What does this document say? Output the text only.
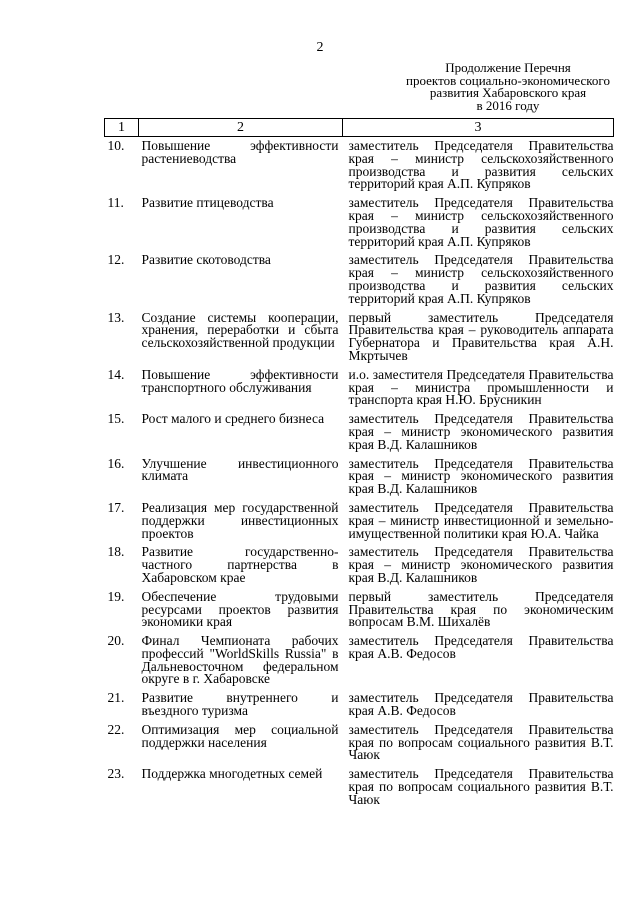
2
Продолжение Перечня
проектов социально-экономического
развития Хабаровского края
в 2016 году
1	2	3
10.	Повышение эффективности растениеводства	заместитель Председателя Правительства края – министр сельскохозяйственного производства и развития сельских территорий края А.П. Купряков
11.	Развитие птицеводства	заместитель Председателя Правительства края – министр сельскохозяйственного производства и развития сельских территорий края А.П. Купряков
12.	Развитие скотоводства	заместитель Председателя Правительства края – министр сельскохозяйственного производства и развития сельских территорий края А.П. Купряков
13.	Создание системы кооперации, хранения, переработки и сбыта сельскохозяйственной продукции	первый заместитель Председателя Правительства края – руководитель аппарата Губернатора и Правительства края А.Н. Мкртычев
14.	Повышение эффективности транспортного обслуживания	и.о. заместителя Председателя Правительства края – министра промышленности и транспорта края Н.Ю. Брусникин
15.	Рост малого и среднего бизнеса	заместитель Председателя Правительства края – министр экономического развития края В.Д. Калашников
16.	Улучшение инвестиционного климата	заместитель Председателя Правительства края – министр экономического развития края В.Д. Калашников
17.	Реализация мер государственной поддержки инвестиционных проектов	заместитель Председателя Правительства края – министр инвестиционной и земельно-имущественной политики края Ю.А. Чайка
18.	Развитие государственно-частного партнерства в Хабаровском крае	заместитель Председателя Правительства края – министр экономического развития края В.Д. Калашников
19.	Обеспечение трудовыми ресурсами проектов развития экономики края	первый заместитель Председателя Правительства края по экономическим вопросам В.М. Шихалёв
20.	Финал Чемпионата рабочих профессий "WorldSkills Russia" в Дальневосточном федеральном округе в г. Хабаровске	заместитель Председателя Правительства края А.В. Федосов
21.	Развитие внутреннего и въездного туризма	заместитель Председателя Правительства края А.В. Федосов
22.	Оптимизация мер социальной поддержки населения	заместитель Председателя Правительства края по вопросам социального развития В.Т. Чаюк
23.	Поддержка многодетных семей	заместитель Председателя Правительства края по вопросам социального развития В.Т. Чаюк
